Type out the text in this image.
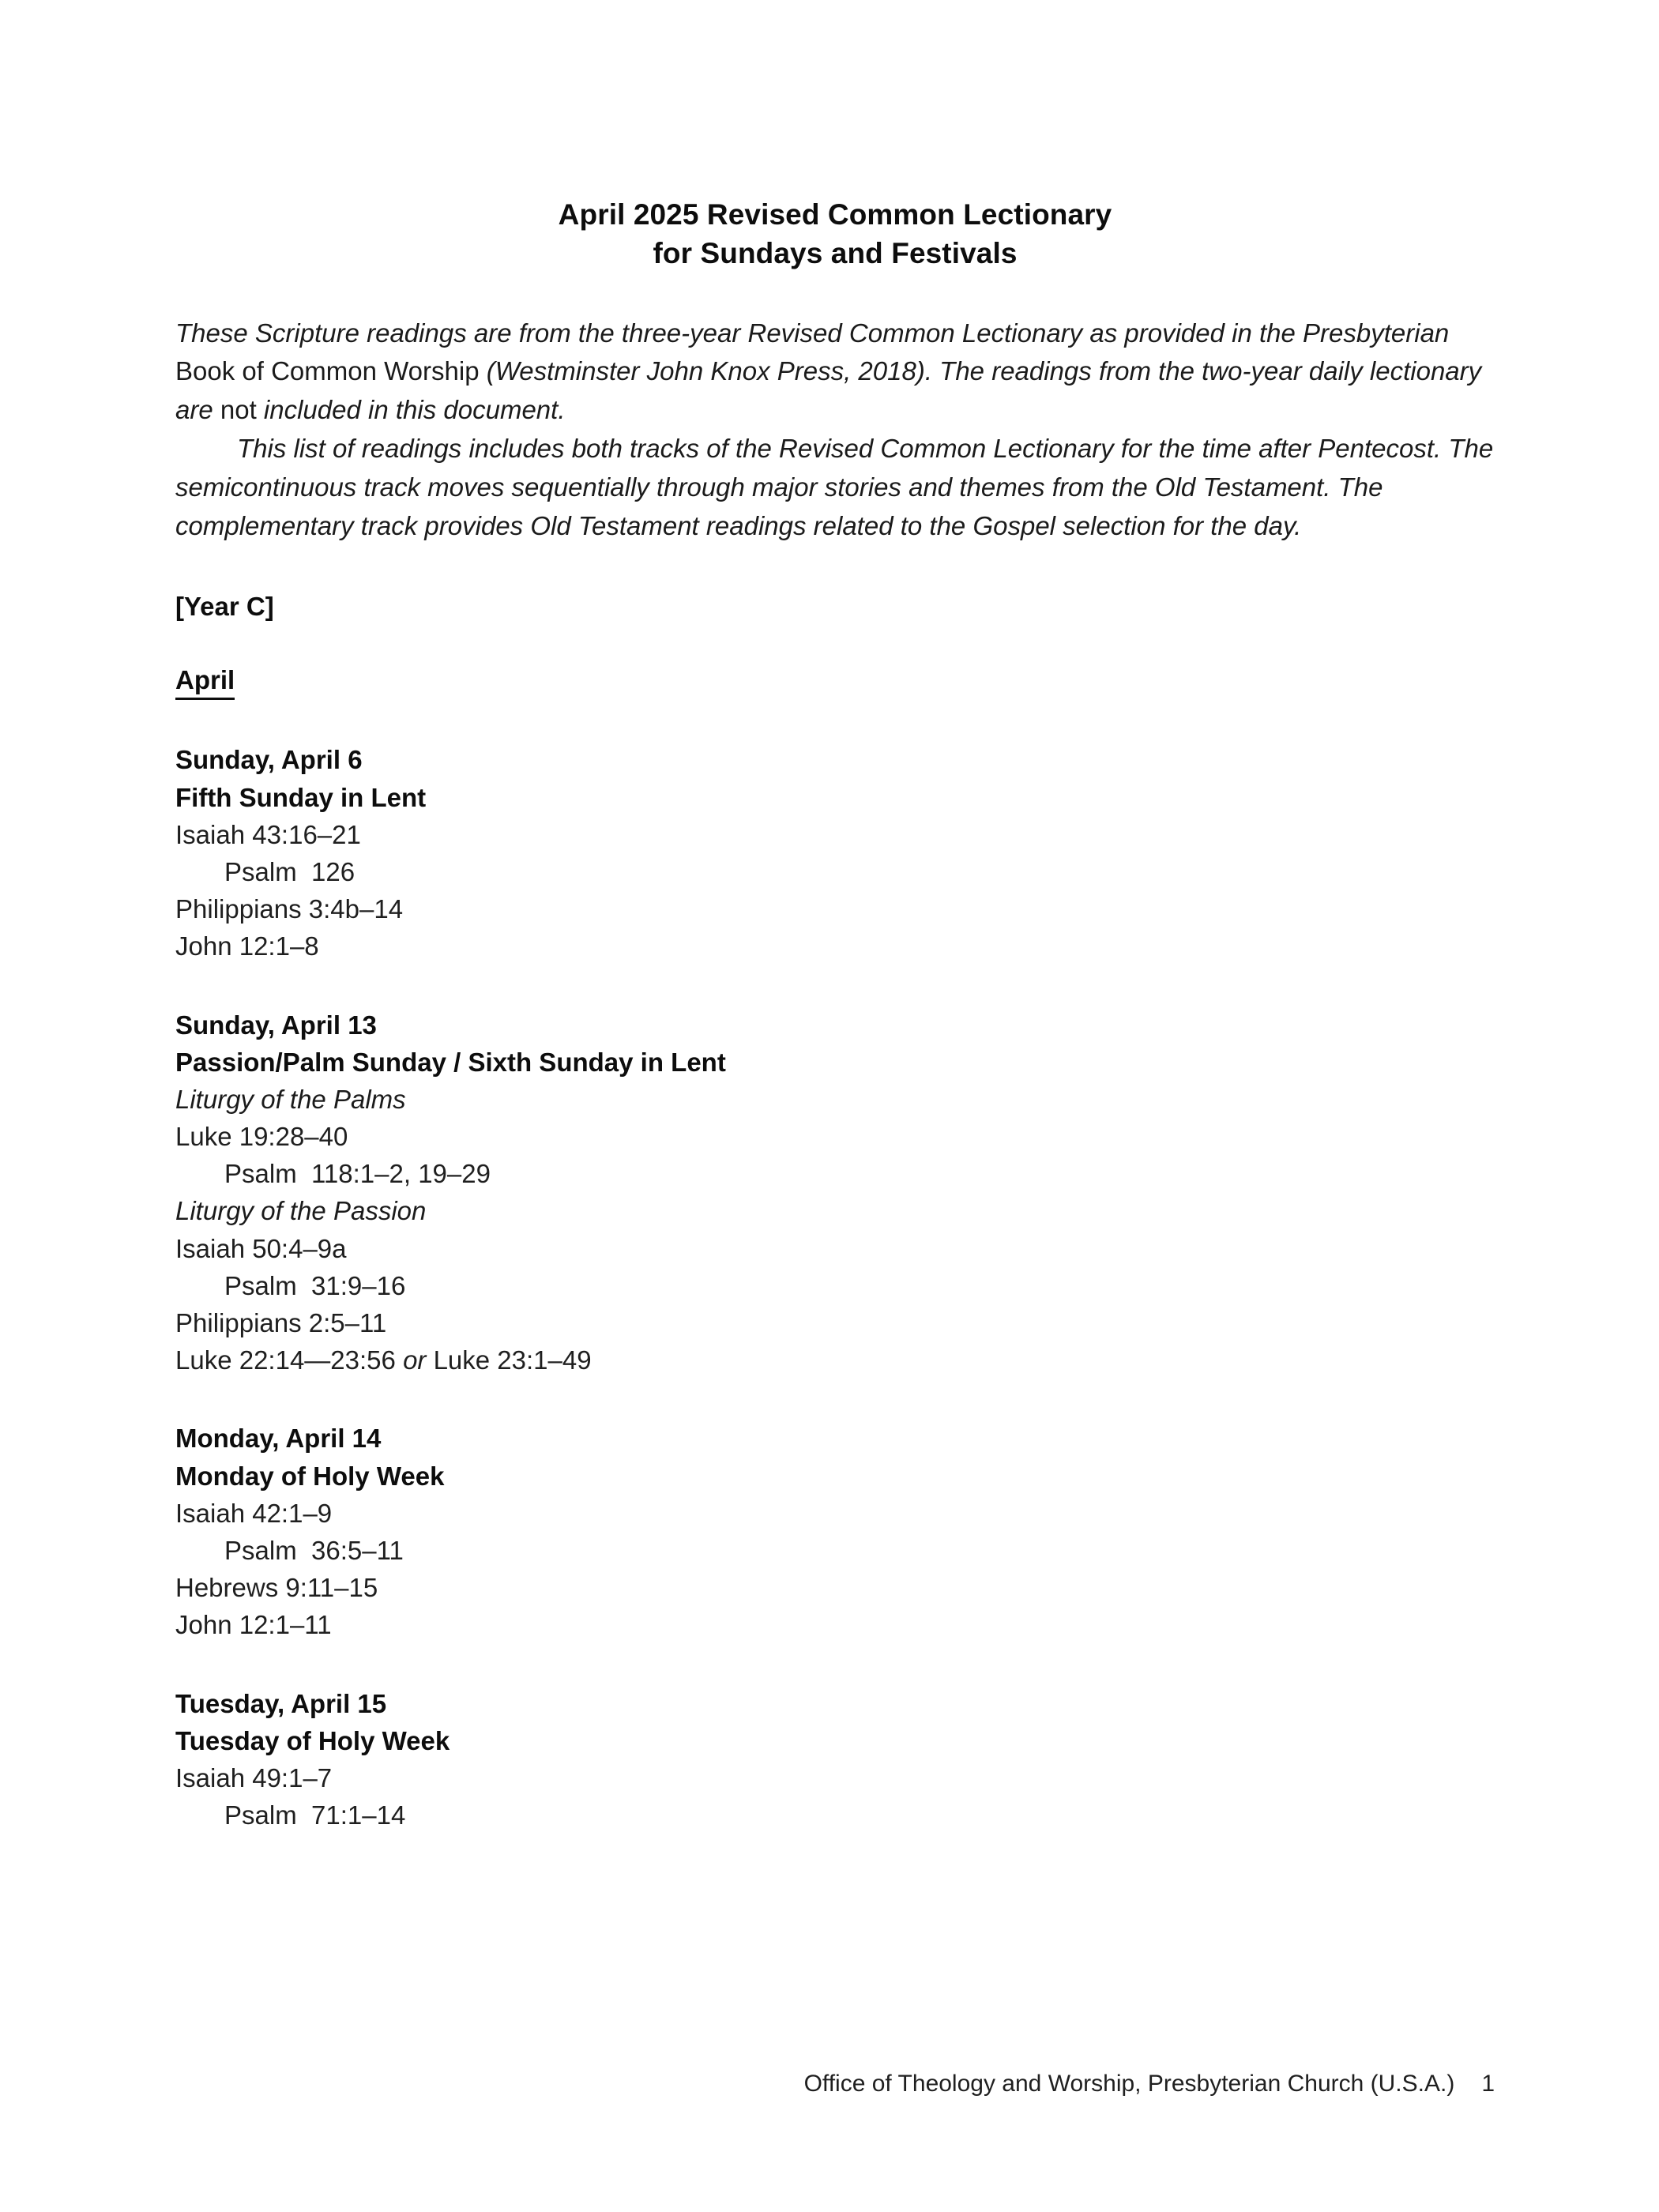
April 2025 Revised Common Lectionary
for Sundays and Festivals

These Scripture readings are from the three-year Revised Common Lectionary as provided in the Presbyterian Book of Common Worship (Westminster John Knox Press, 2018). The readings from the two-year daily lectionary are not included in this document.

This list of readings includes both tracks of the Revised Common Lectionary for the time after Pentecost. The semicontinuous track moves sequentially through major stories and themes from the Old Testament. The complementary track provides Old Testament readings related to the Gospel selection for the day.

[Year C]

April

Sunday, April 6

Fifth Sunday in Lent

Isaiah 43:16–21

Psalm  126

Philippians 3:4b–14

John 12:1–8

Sunday, April 13

Passion/Palm Sunday / Sixth Sunday in Lent

Liturgy of the Palms

Luke 19:28–40

Psalm  118:1–2, 19–29

Liturgy of the Passion

Isaiah 50:4–9a

Psalm  31:9–16

Philippians 2:5–11

Luke 22:14—23:56 or Luke 23:1–49

Monday, April 14

Monday of Holy Week

Isaiah 42:1–9

Psalm  36:5–11

Hebrews 9:11–15

John 12:1–11

Tuesday, April 15

Tuesday of Holy Week

Isaiah 49:1–7

Psalm  71:1–14

Office of Theology and Worship, Presbyterian Church (U.S.A.) 1
